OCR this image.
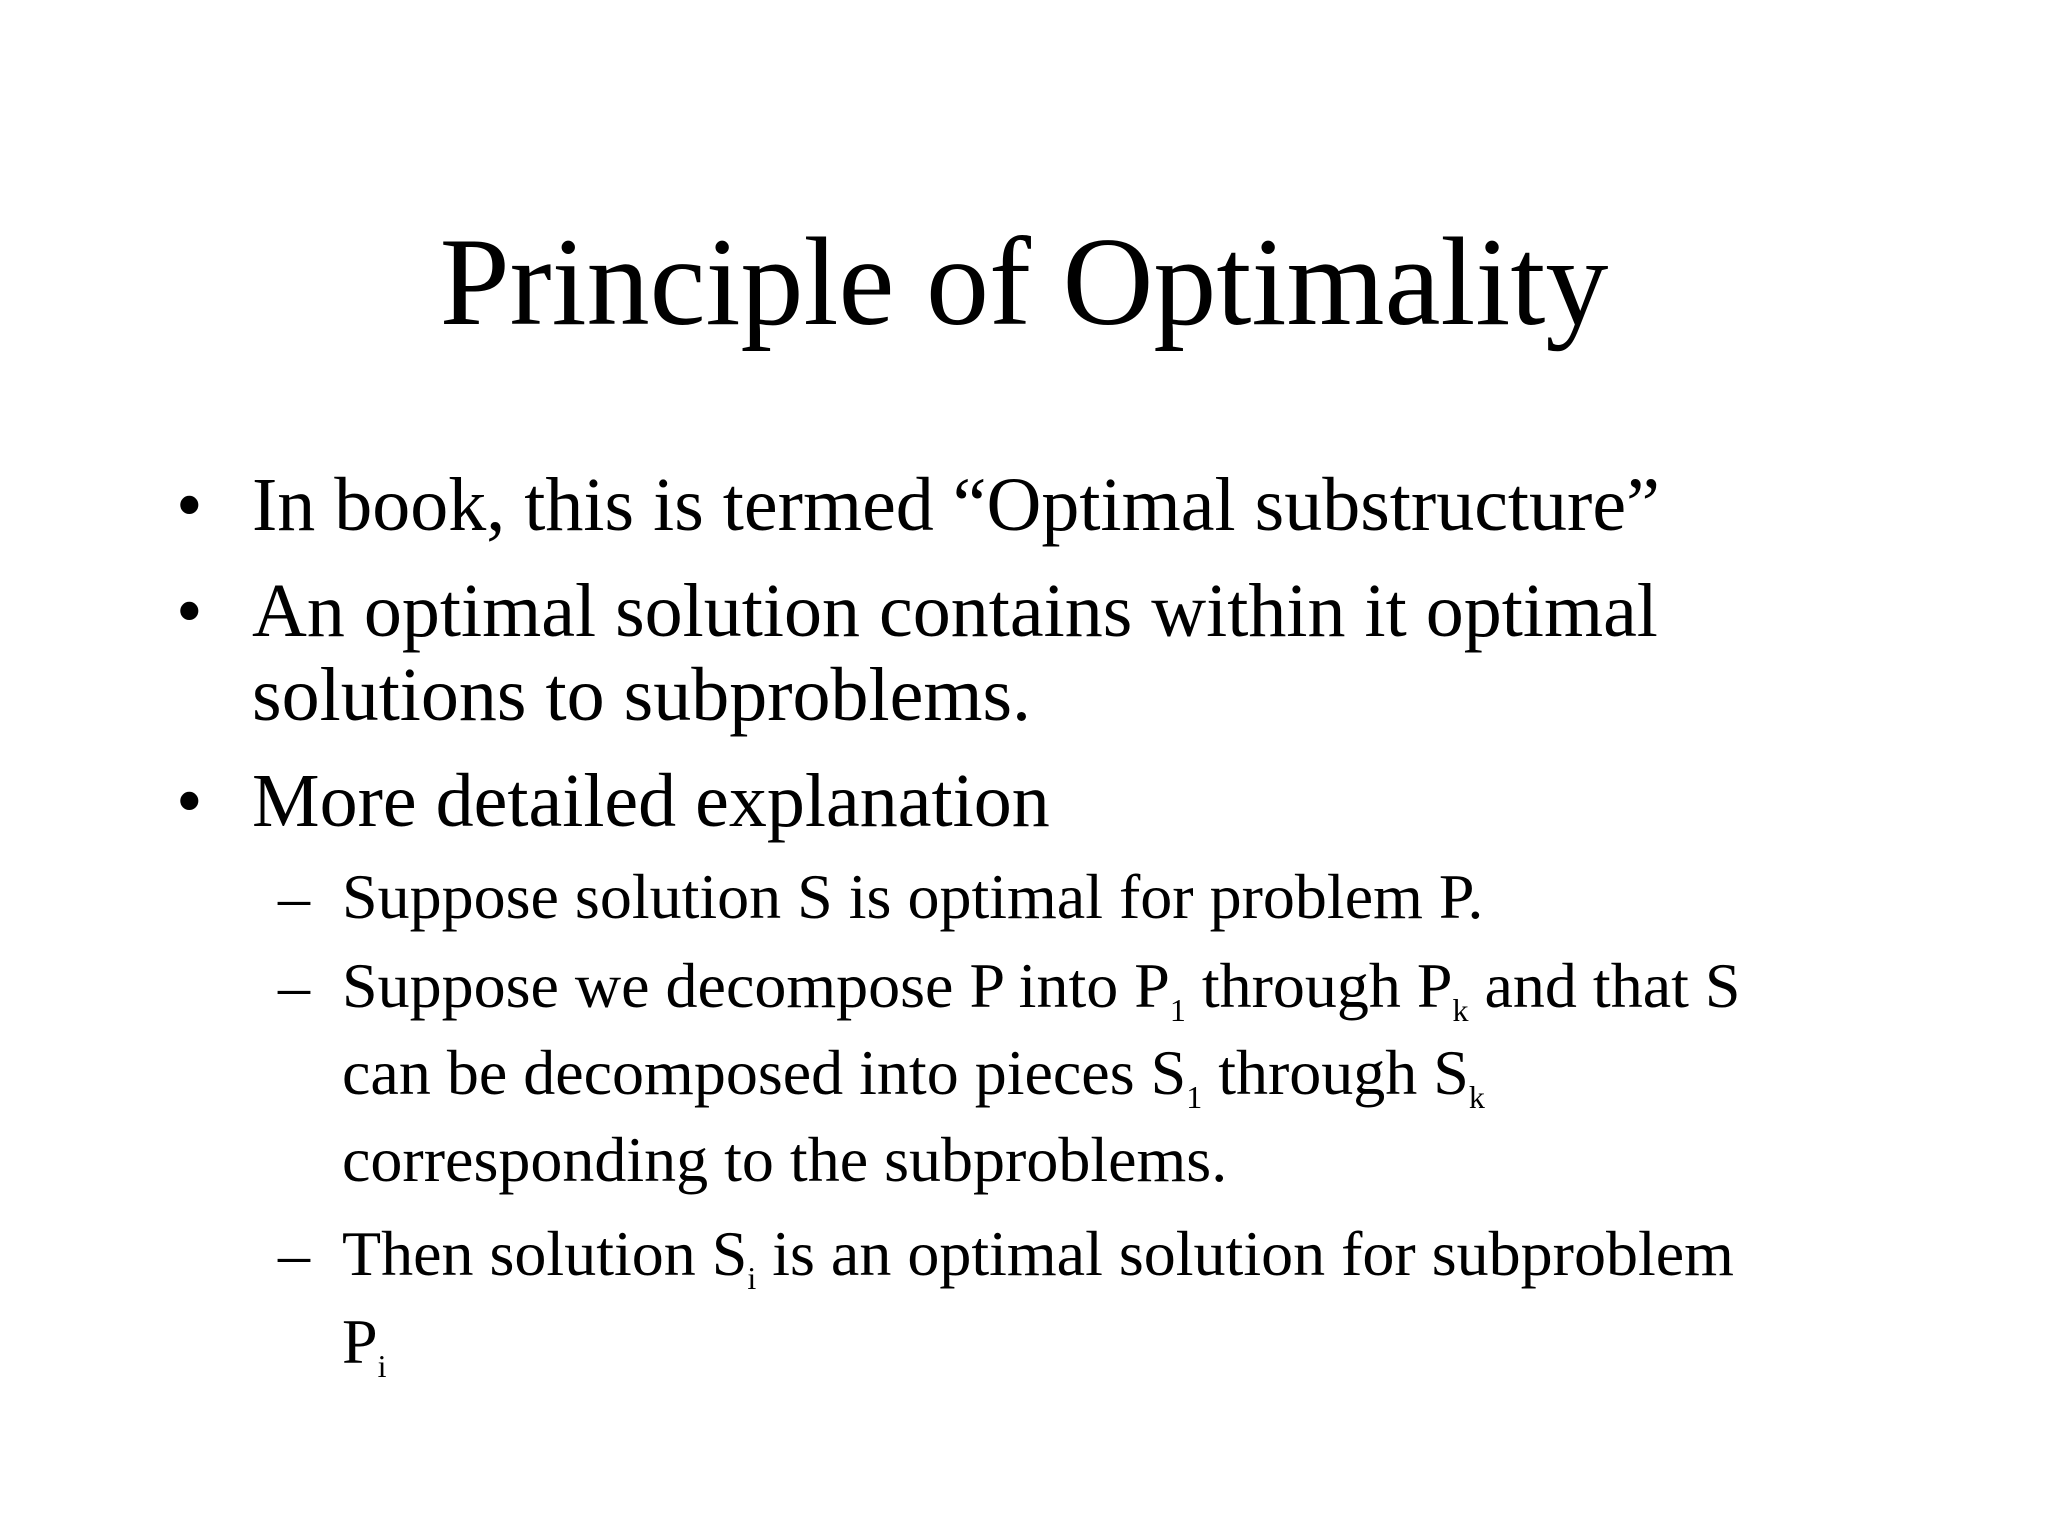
Principle of Optimality
• In book, this is termed “Optimal substructure”
• An optimal solution contains within it optimal
solutions to subproblems.
• More detailed explanation
– Suppose solution S is optimal for problem P.
– Suppose we decompose P into $P_1$ through $P_k$ and that S
can be decomposed into pieces $S_1$ through $S_k$
corresponding to the subproblems.
– Then solution $S_i$ is an optimal solution for subproblem
$P_i$
